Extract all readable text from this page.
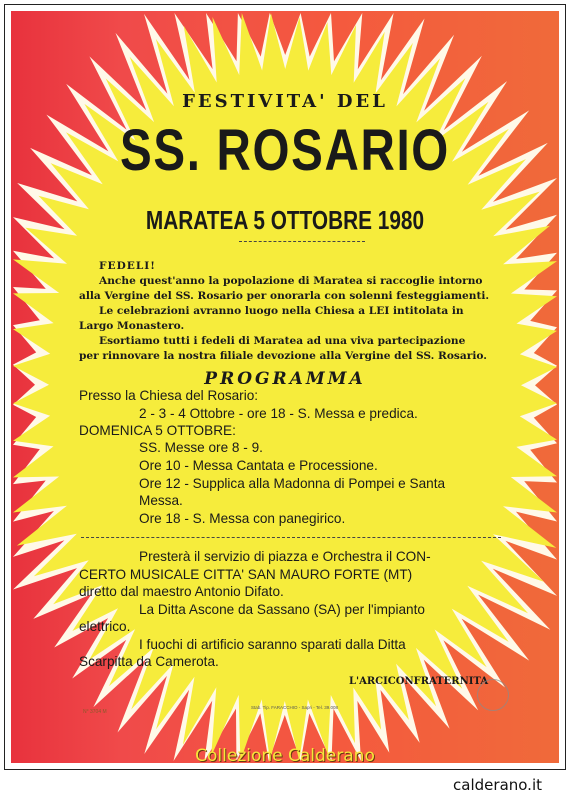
FESTIVITA' DEL
SS. ROSARIO
MARATEA 5 OTTOBRE 1980
FEDELI!
Anche quest'anno la popolazione di Maratea si raccoglie intorno
alla Vergine del SS. Rosario per onorarla con solenni festeggiamenti.
Le celebrazioni avranno luogo nella Chiesa a LEI intitolata in
Largo Monastero.
Esortiamo tutti i fedeli di Maratea ad una viva partecipazione
per rinnovare la nostra filiale devozione alla Vergine del SS. Rosario.
PROGRAMMA
Presso la Chiesa del Rosario:
2 - 3 - 4 Ottobre - ore 18 - S. Messa e predica.
DOMENICA 5 OTTOBRE:
SS. Messe ore 8 - 9.
Ore 10 - Messa Cantata e Processione.
Ore 12 - Supplica alla Madonna di Pompei e Santa
Messa.
Ore 18 - S. Messa con panegirico.
Presterà il servizio di piazza e Orchestra il CON-
CERTO MUSICALE CITTA' SAN MAURO FORTE (MT)
diretto dal maestro Antonio Difato.
La Ditta Ascone da Sassano (SA) per l'impianto
elettrico.
I fuochi di artificio saranno sparati dalla Ditta
Scarpitta da Camerota.
L'ARCICONFRATERNITA
Stab. Tip. FARACCHIO - Sapri - Tel. 39.008
N° 3704 M
Collezione Calderano
calderano.it
